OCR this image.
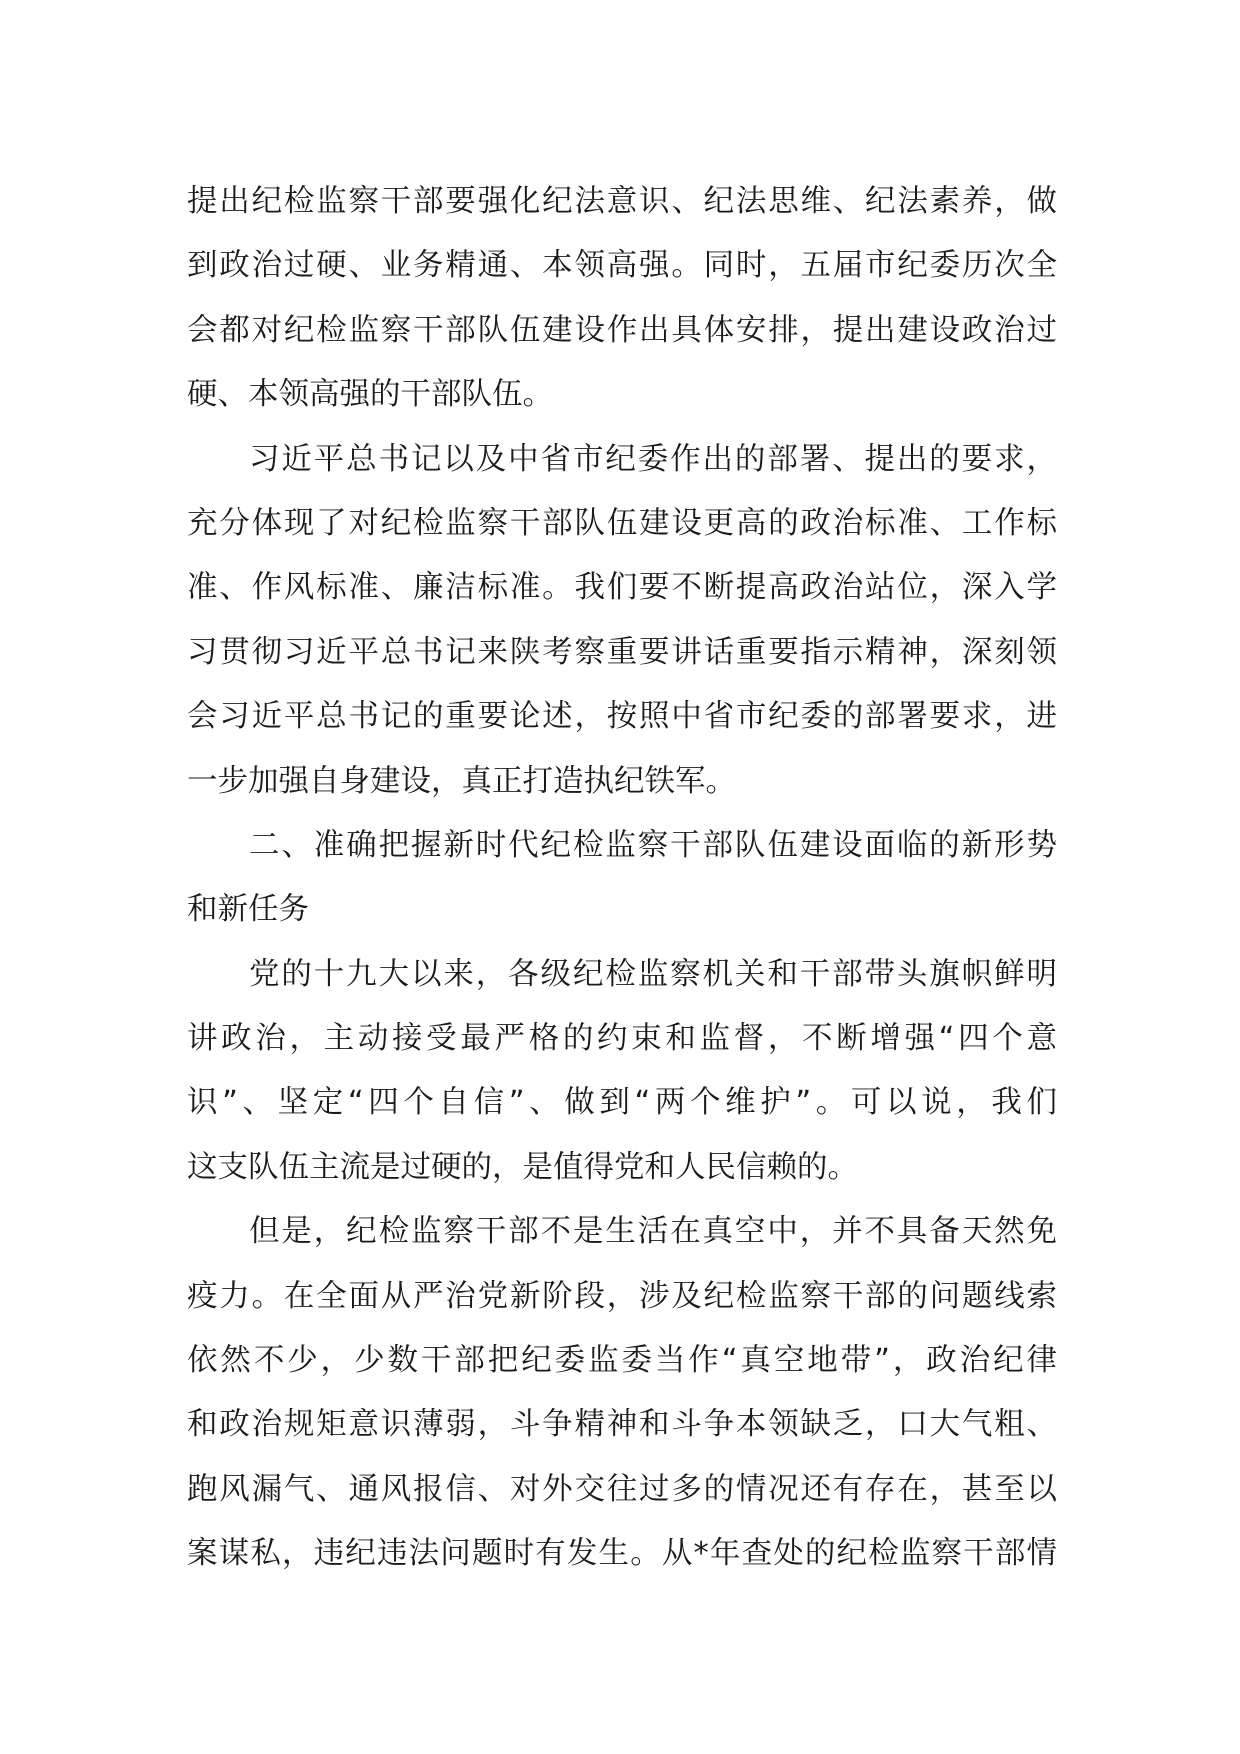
提出纪检监察干部要强化纪法意识、纪法思维、纪法素养，做

到政治过硬、业务精通、本领高强。同时，五届市纪委历次全

会都对纪检监察干部队伍建设作出具体安排，提出建设政治过

硬、本领高强的干部队伍。

习近平总书记以及中省市纪委作出的部署、提出的要求，

充分体现了对纪检监察干部队伍建设更高的政治标准、工作标

准、作风标准、廉洁标准。我们要不断提高政治站位，深入学

习贯彻习近平总书记来陕考察重要讲话重要指示精神，深刻领

会习近平总书记的重要论述，按照中省市纪委的部署要求，进

一步加强自身建设，真正打造执纪铁军。

二、准确把握新时代纪检监察干部队伍建设面临的新形势

和新任务

党的十九大以来，各级纪检监察机关和干部带头旗帜鲜明

讲政治，主动接受最严格的约束和监督，不断增强“四个意

识”、坚定“四个自信”、做到“两个维护”。可以说，我们

这支队伍主流是过硬的，是值得党和人民信赖的。

但是，纪检监察干部不是生活在真空中，并不具备天然免

疫力。在全面从严治党新阶段，涉及纪检监察干部的问题线索

依然不少，少数干部把纪委监委当作“真空地带”，政治纪律

和政治规矩意识薄弱，斗争精神和斗争本领缺乏，口大气粗、

跑风漏气、通风报信、对外交往过多的情况还有存在，甚至以

案谋私，违纪违法问题时有发生。从*年查处的纪检监察干部情
